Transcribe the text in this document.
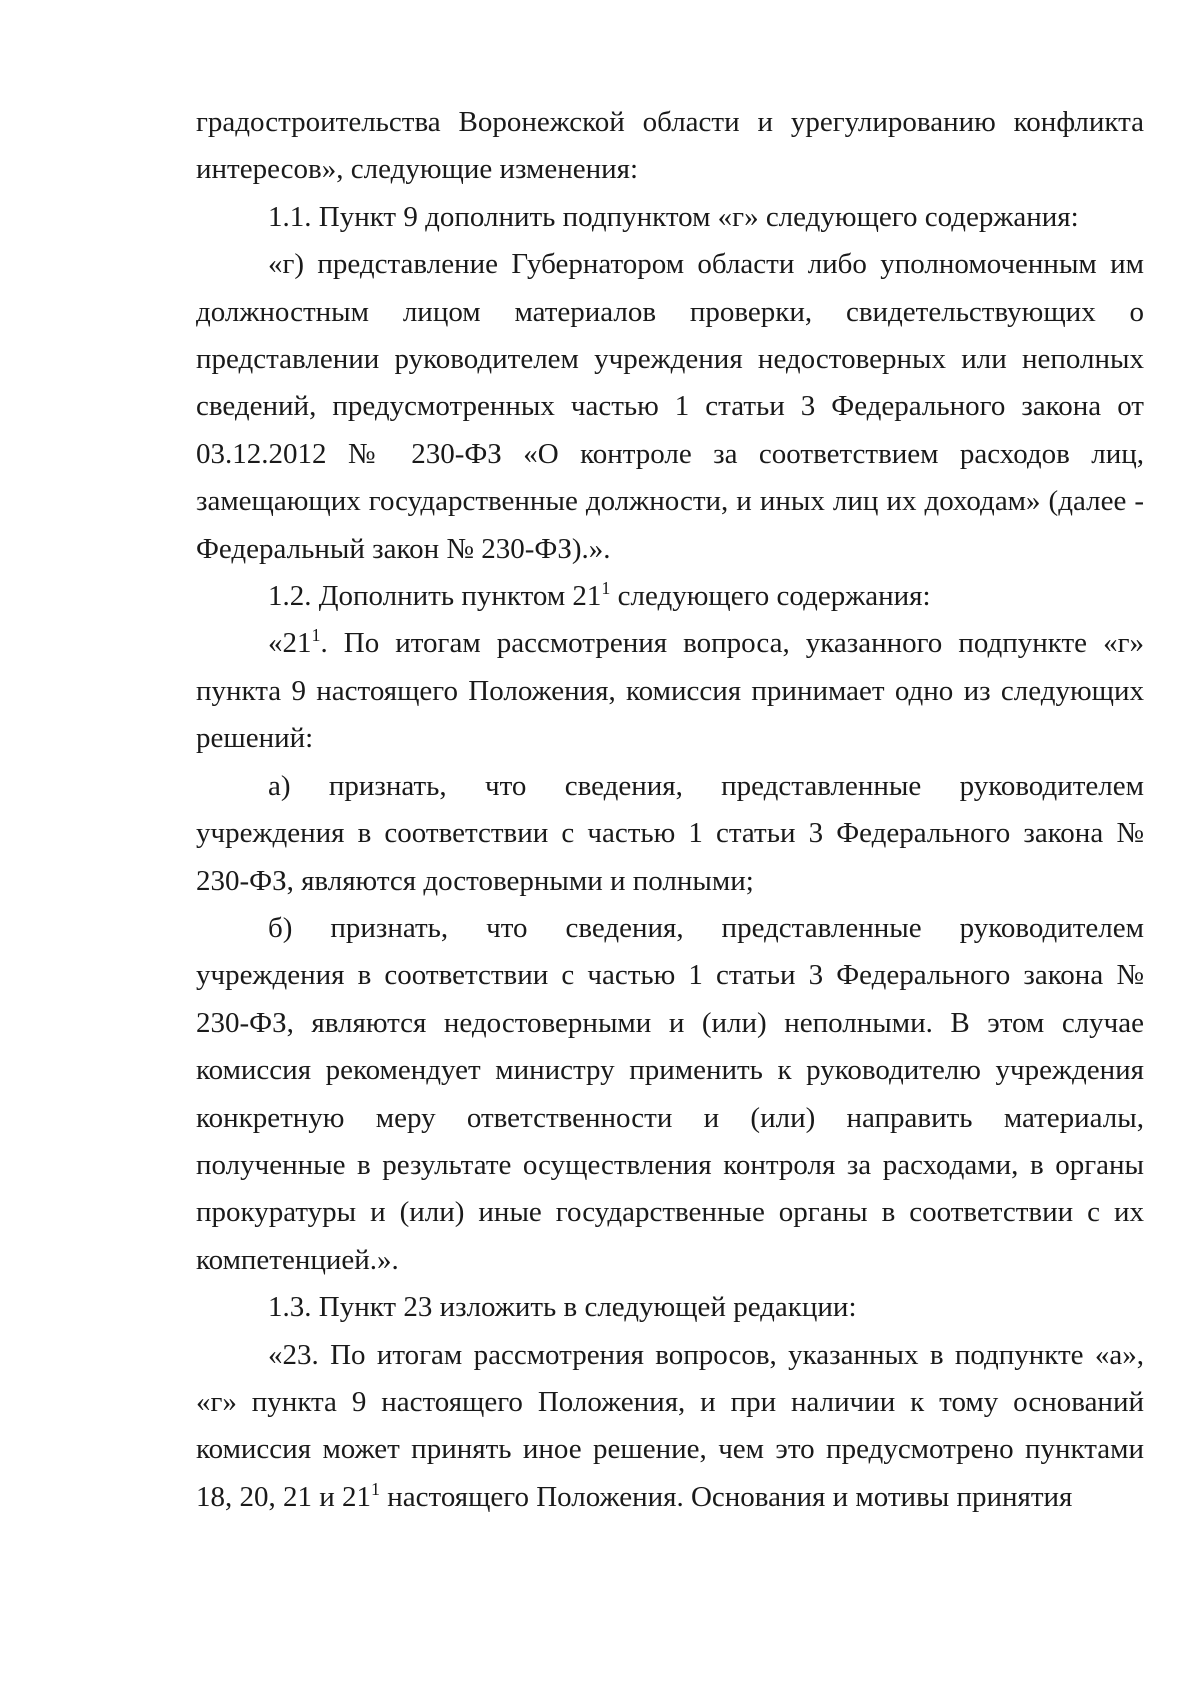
градостроительства Воронежской области и урегулированию конфликта интересов», следующие изменения:

1.1. Пункт 9 дополнить подпунктом «г» следующего содержания:

«г) представление Губернатором области либо уполномоченным им должностным лицом материалов проверки, свидетельствующих о представлении руководителем учреждения недостоверных или неполных сведений, предусмотренных частью 1 статьи 3 Федерального закона от 03.12.2012 № 230-ФЗ «О контроле за соответствием расходов лиц, замещающих государственные должности, и иных лиц их доходам» (далее - Федеральный закон № 230-ФЗ).».

1.2. Дополнить пунктом $21^1$ следующего содержания:

«$21^1$. По итогам рассмотрения вопроса, указанного подпункте «г» пункта 9 настоящего Положения, комиссия принимает одно из следующих решений:

а) признать, что сведения, представленные руководителем учреждения в соответствии с частью 1 статьи 3 Федерального закона № 230-ФЗ, являются достоверными и полными;

б) признать, что сведения, представленные руководителем учреждения в соответствии с частью 1 статьи 3 Федерального закона № 230-ФЗ, являются недостоверными и (или) неполными. В этом случае комиссия рекомендует министру применить к руководителю учреждения конкретную меру ответственности и (или) направить материалы, полученные в результате осуществления контроля за расходами, в органы прокуратуры и (или) иные государственные органы в соответствии с их компетенцией.».

1.3. Пункт 23 изложить в следующей редакции:

«23. По итогам рассмотрения вопросов, указанных в подпункте «а», «г» пункта 9 настоящего Положения, и при наличии к тому оснований комиссия может принять иное решение, чем это предусмотрено пунктами 18, 20, 21 и $21^1$ настоящего Положения. Основания и мотивы принятия
